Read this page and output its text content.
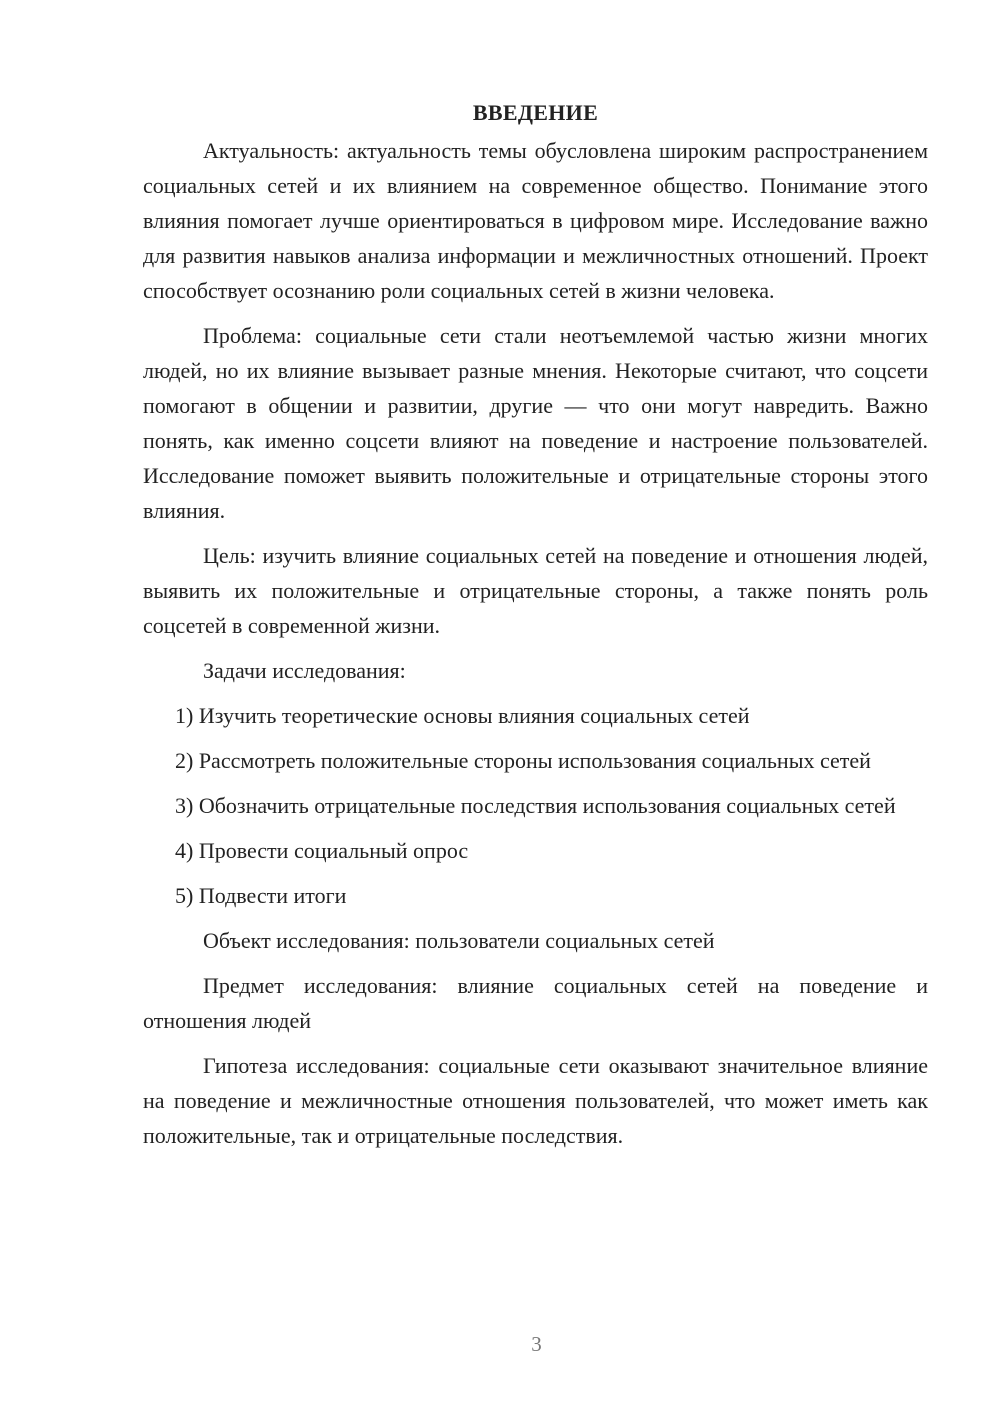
ВВЕДЕНИЕ

Актуальность: актуальность темы обусловлена широким распространением социальных сетей и их влиянием на современное общество. Понимание этого влияния помогает лучше ориентироваться в цифровом мире. Исследование важно для развития навыков анализа информации и межличностных отношений. Проект способствует осознанию роли социальных сетей в жизни человека.

Проблема: социальные сети стали неотъемлемой частью жизни многих людей, но их влияние вызывает разные мнения. Некоторые считают, что соцсети помогают в общении и развитии, другие — что они могут навредить. Важно понять, как именно соцсети влияют на поведение и настроение пользователей. Исследование поможет выявить положительные и отрицательные стороны этого влияния.

Цель: изучить влияние социальных сетей на поведение и отношения людей, выявить их положительные и отрицательные стороны, а также понять роль соцсетей в современной жизни.

Задачи исследования:

1) Изучить теоретические основы влияния социальных сетей

2) Рассмотреть положительные стороны использования социальных сетей

3) Обозначить отрицательные последствия использования социальных сетей

4) Провести социальный опрос

5) Подвести итоги

Объект исследования: пользователи социальных сетей

Предмет исследования: влияние социальных сетей на поведение и отношения людей

Гипотеза исследования: социальные сети оказывают значительное влияние на поведение и межличностные отношения пользователей, что может иметь как положительные, так и отрицательные последствия.

3
